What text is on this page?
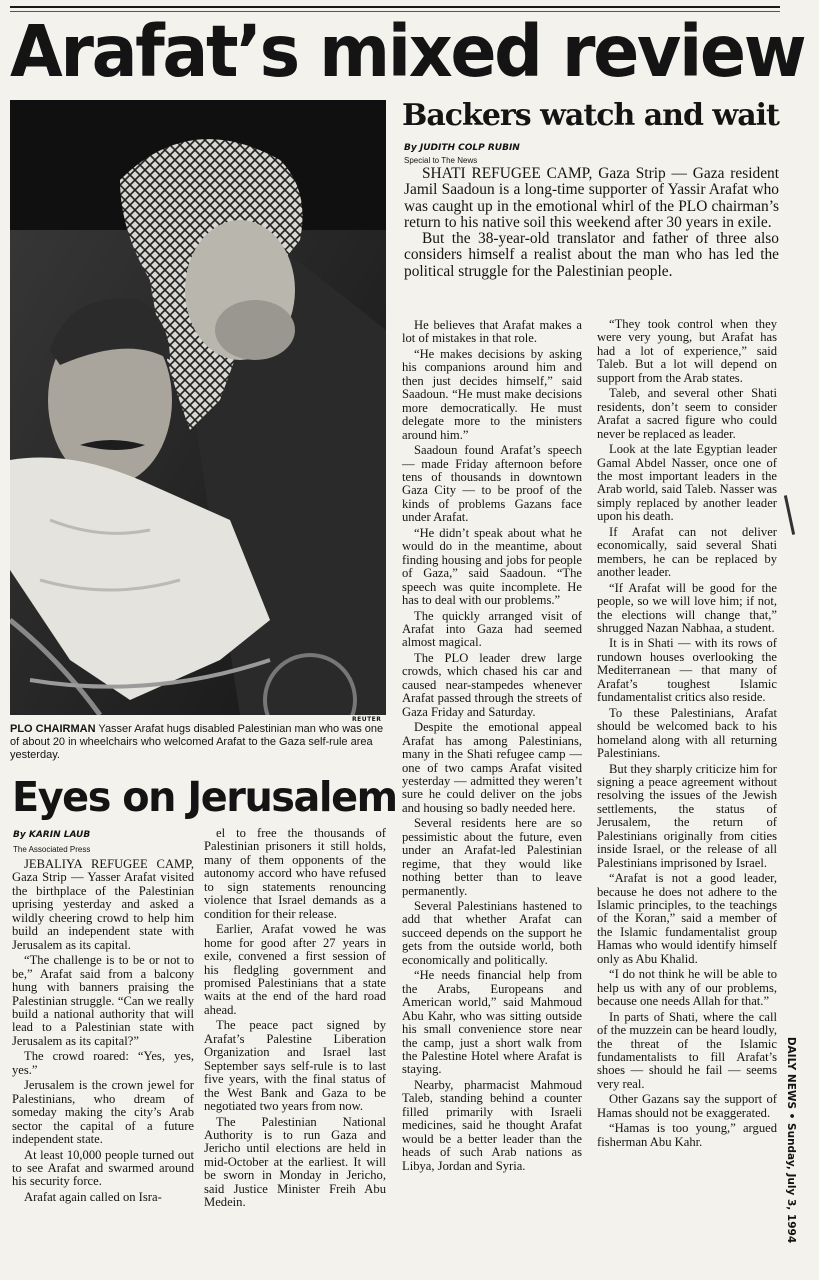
Arafat’s mixed review
REUTER
PLO CHAIRMAN Yasser Arafat hugs disabled Palestinian man who was one of about 20 in wheelchairs who welcomed Arafat to the Gaza self-rule area yesterday.
Backers watch and wait
By JUDITH COLP RUBIN
Special to The News

SHATI REFUGEE CAMP, Gaza Strip — Gaza resident Jamil Saadoun is a long-time supporter of Yassir Arafat who was caught up in the emotional whirl of the PLO chairman’s return to his native soil this weekend after 30 years in exile.

But the 38-year-old translator and father of three also considers himself a realist about the man who has led the political struggle for the Palestinian people.

He believes that Arafat makes a lot of mistakes in that role.

“He makes decisions by asking his companions around him and then just decides himself,” said Saadoun. “He must make decisions more democratically. He must delegate more to the ministers around him.”

Saadoun found Arafat’s speech — made Friday afternoon before tens of thousands in downtown Gaza City — to be proof of the kinds of problems Gazans face under Arafat.

“He didn’t speak about what he would do in the meantime, about finding housing and jobs for people of Gaza,” said Saadoun. “The speech was quite incomplete. He has to deal with our problems.”

The quickly arranged visit of Arafat into Gaza had seemed almost magical.

The PLO leader drew large crowds, which chased his car and caused near-stampedes whenever Arafat passed through the streets of Gaza Friday and Saturday.

Despite the emotional appeal Arafat has among Palestinians, many in the Shati refugee camp — one of two camps Arafat visited yesterday — admitted they weren’t sure he could deliver on the jobs and housing so badly needed here.

Several residents here are so pessimistic about the future, even under an Arafat-led Palestinian regime, that they would like nothing better than to leave permanently.

Several Palestinians hastened to add that whether Arafat can succeed depends on the support he gets from the outside world, both economically and politically.

“He needs financial help from the Arabs, Europeans and American world,” said Mahmoud Abu Kahr, who was sitting outside his small convenience store near the camp, just a short walk from the Palestine Hotel where Arafat is staying.

Nearby, pharmacist Mahmoud Taleb, standing behind a counter filled primarily with Israeli medicines, said he thought Arafat would be a better leader than the heads of such Arab nations as Libya, Jordan and Syria.

“They took control when they were very young, but Arafat has had a lot of experience,” said Taleb. But a lot will depend on support from the Arab states.

Taleb, and several other Shati residents, don’t seem to consider Arafat a sacred figure who could never be replaced as leader.

Look at the late Egyptian leader Gamal Abdel Nasser, once one of the most important leaders in the Arab world, said Taleb. Nasser was simply replaced by another leader upon his death.

If Arafat can not deliver economically, said several Shati members, he can be replaced by another leader.

“If Arafat will be good for the people, so we will love him; if not, the elections will change that,” shrugged Nazan Nabhaa, a student.

It is in Shati — with its rows of rundown houses overlooking the Mediterranean — that many of Arafat’s toughest Islamic fundamentalist critics also reside.

To these Palestinians, Arafat should be welcomed back to his homeland along with all returning Palestinians.

But they sharply criticize him for signing a peace agreement without resolving the issues of the Jewish settlements, the status of Jerusalem, the return of Palestinians originally from cities inside Israel, or the release of all Palestinians imprisoned by Israel.

“Arafat is not a good leader, because he does not adhere to the Islamic principles, to the teachings of the Koran,” said a member of the Islamic fundamentalist group Hamas who would identify himself only as Abu Khalid.

“I do not think he will be able to help us with any of our problems, because one needs Allah for that.”

In parts of Shati, where the call of the muzzein can be heard loudly, the threat of the Islamic fundamentalists to fill Arafat’s shoes — should he fail — seems very real.

Other Gazans say the support of Hamas should not be exaggerated.

“Hamas is too young,” argued fisherman Abu Kahr.

Eyes on Jerusalem
By KARIN LAUB
The Associated Press

JEBALIYA REFUGEE CAMP, Gaza Strip — Yasser Arafat visited the birthplace of the Palestinian uprising yesterday and asked a wildly cheering crowd to help him build an independent state with Jerusalem as its capital.

“The challenge is to be or not to be,” Arafat said from a balcony hung with banners praising the Palestinian struggle. “Can we really build a national authority that will lead to a Palestinian state with Jerusalem as its capital?”

The crowd roared: “Yes, yes, yes.”

Jerusalem is the crown jewel for Palestinians, who dream of someday making the city’s Arab sector the capital of a future independent state.

At least 10,000 people turned out to see Arafat and swarmed around his security force.

Arafat again called on Isra-

el to free the thousands of Palestinian prisoners it still holds, many of them opponents of the autonomy accord who have refused to sign statements renouncing violence that Israel demands as a condition for their release.

Earlier, Arafat vowed he was home for good after 27 years in exile, convened a first session of his fledgling government and promised Palestinians that a state waits at the end of the hard road ahead.

The peace pact signed by Arafat’s Palestine Liberation Organization and Israel last September says self-rule is to last five years, with the final status of the West Bank and Gaza to be negotiated two years from now.

The Palestinian National Authority is to run Gaza and Jericho until elections are held in mid-October at the earliest. It will be sworn in Monday in Jericho, said Justice Minister Freih Abu Medein.	DAILY NEWS • Sunday, July 3, 1994
